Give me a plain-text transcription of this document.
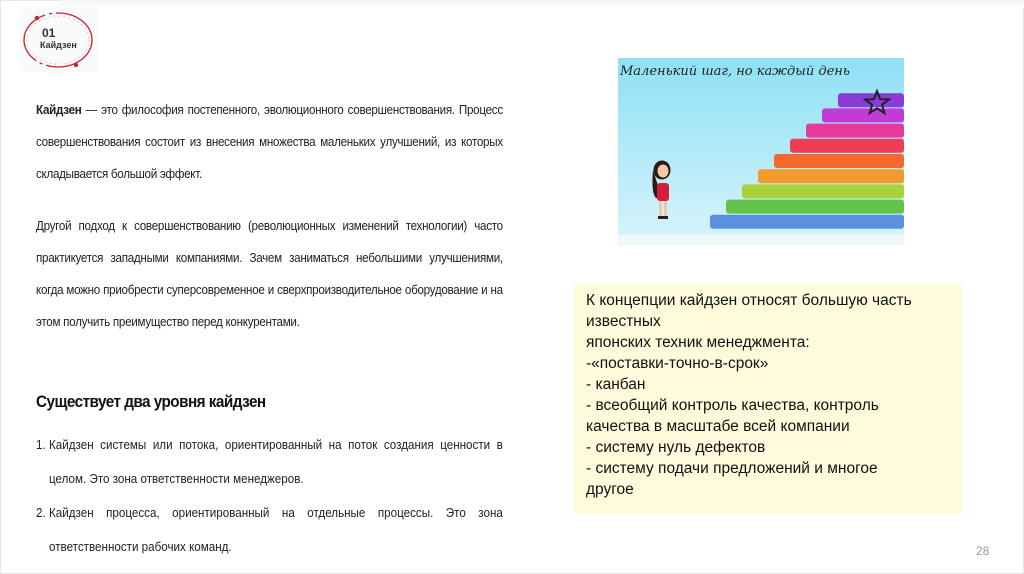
01
Кайдзен
Кайдзен — это философия постепенного, эволюционного совершенствования. Процесс совершенствования состоит из внесения множества маленьких улучшений, из которых складывается большой эффект.
Другой подход к совершенствованию (революционных изменений технологии) часто практикуется западными компаниями. Зачем заниматься небольшими улучшениями, когда можно приобрести суперсовременное и сверхпроизводительное оборудование и на этом получить преимущество перед конкурентами.
Существует два уровня кайдзен
1. Кайдзен системы или потока, ориентированный на поток создания ценности в целом. Это зона ответственности менеджеров.
2. Кайдзен процесса, ориентированный на отдельные процессы. Это зона ответственности рабочих команд.
Маленький шаг, но каждый день
К концепции кайдзен относят большую часть
известных
японских техник менеджмента:
-«поставки-точно-в-срок»
- канбан
- всеобщий контроль качества, контроль
качества в масштабе всей компании
- систему нуль дефектов
- систему подачи предложений и многое
другое
28
